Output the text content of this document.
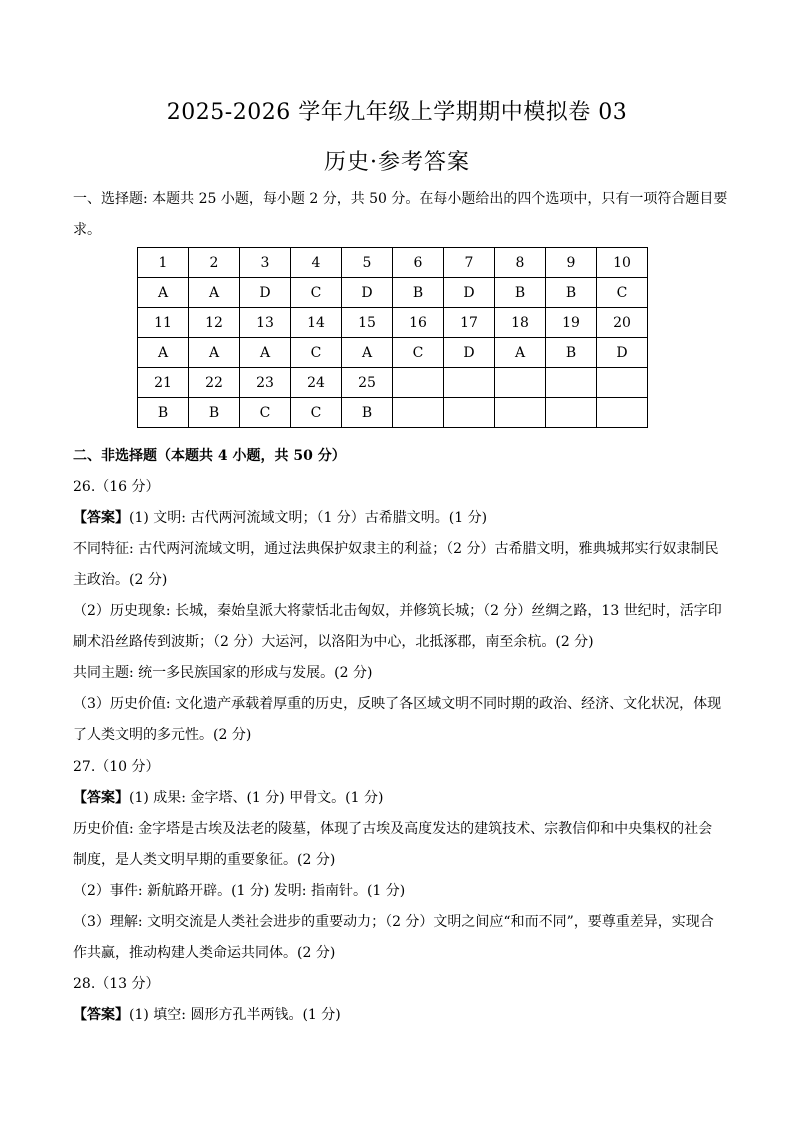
2025-2026 学年九年级上学期期中模拟卷 03
历史·参考答案
一、选择题: 本题共 25 小题，每小题 2 分，共 50 分。在每小题给出的四个选项中，只有一项符合题目要
求。
1	2	3	4	5	6	7	8	9	10
A	A	D	C	D	B	D	B	B	C
11	12	13	14	15	16	17	18	19	20
A	A	A	C	A	C	D	A	B	D
21	22	23	24	25					
B	B	C	C	B					
二、非选择题（本题共 4 小题，共 50 分）
26.（16 分）
【答案】(1) 文明: 古代两河流域文明；（1 分）古希腊文明。(1 分)
不同特征: 古代两河流域文明，通过法典保护奴隶主的利益；（2 分）古希腊文明，雅典城邦实行奴隶制民
主政治。(2 分)
（2）历史现象: 长城，秦始皇派大将蒙恬北击匈奴，并修筑长城；（2 分）丝绸之路，13 世纪时，活字印
刷术沿丝路传到波斯；（2 分）大运河，以洛阳为中心，北抵涿郡，南至余杭。(2 分)
共同主题: 统一多民族国家的形成与发展。(2 分)
（3）历史价值: 文化遗产承载着厚重的历史，反映了各区域文明不同时期的政治、经济、文化状况，体现
了人类文明的多元性。(2 分)
27.（10 分）
【答案】(1) 成果: 金字塔、(1 分) 甲骨文。(1 分)
历史价值: 金字塔是古埃及法老的陵墓，体现了古埃及高度发达的建筑技术、宗教信仰和中央集权的社会
制度，是人类文明早期的重要象征。(2 分)
（2）事件: 新航路开辟。(1 分) 发明: 指南针。(1 分)
（3）理解: 文明交流是人类社会进步的重要动力；（2 分）文明之间应“和而不同”，要尊重差异，实现合
作共赢，推动构建人类命运共同体。(2 分)
28.（13 分）
【答案】(1) 填空: 圆形方孔半两钱。(1 分)
